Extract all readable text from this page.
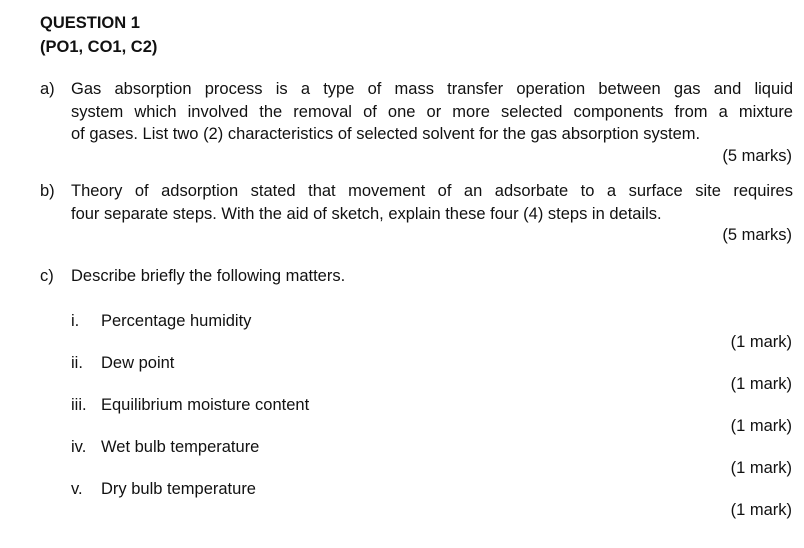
QUESTION 1
(PO1, CO1, C2)
a) Gas absorption process is a type of mass transfer operation between gas and liquid
system which involved the removal of one or more selected components from a mixture
of gases. List two (2) characteristics of selected solvent for the gas absorption system.
(5 marks)
b) Theory of adsorption stated that movement of an adsorbate to a surface site requires
four separate steps. With the aid of sketch, explain these four (4) steps in details.
(5 marks)
c) Describe briefly the following matters.
i. Percentage humidity
(1 mark)
ii. Dew point
(1 mark)
iii. Equilibrium moisture content
(1 mark)
iv. Wet bulb temperature
(1 mark)
v. Dry bulb temperature
(1 mark)
